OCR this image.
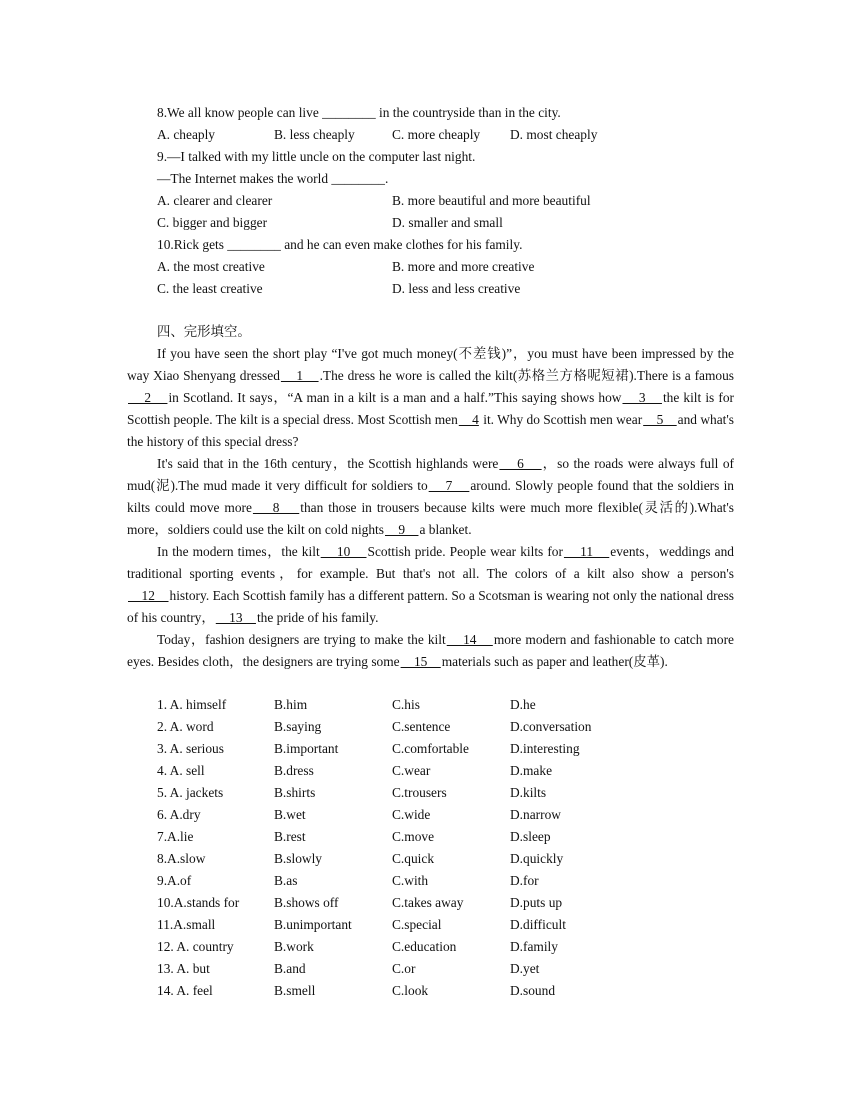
8.We all know people can live ________ in the countryside than in the city.
A. cheaply	B. less cheaply	C. more cheaply D. most cheaply
9.—I talked with my little uncle on the computer last night.
—The Internet makes the world ________.
A. clearer and clearer	B. more beautiful and more beautiful
C. bigger and bigger	D. smaller and small
10.Rick gets ________ and he can even make clothes for his family.
A. the most creative	B. more and more creative
C. the least creative	D. less and less creative
四、完形填空。

If you have seen the short play “I've got much money(不差钱)”，you must have been impressed by the way Xiao Shenyang dressed    1    .The dress he wore is called the kilt(苏格兰方格呢短裙).There is a famous    2    in Scotland. It says，“A man in a kilt is a man and a half.”This saying shows how    3    the kilt is for Scottish people. The kilt is a special dress. Most Scottish men    4 it. Why do Scottish men wear    5    and what's the history of this special dress?

It's said that in the 16th century，the Scottish highlands were    6    ，so the roads were always full of mud(泥).The mud made it very difficult for soldiers to    7    around. Slowly people found that the soldiers in kilts could move more    8    than those in trousers because kilts were much more flexible(灵活的).What's more，soldiers could use the kilt on cold nights    9    a blanket.

In the modern times，the kilt    10    Scottish pride. People wear kilts for    11    events，weddings and traditional sporting events，for example. But that's not all. The colors of a kilt also show a person's    12    history. Each Scottish family has a different pattern. So a Scotsman is wearing not only the national dress of his country，    13    the pride of his family.

Today，fashion designers are trying to make the kilt    14    more modern and fashionable to catch more eyes. Besides cloth，the designers are trying some    15    materials such as paper and leather(皮革).

1. A. himself	B.him	C.his	D.he
2. A. word	B.saying	C.sentence	D.conversation
3. A. serious	B.important	C.comfortable	D.interesting
4. A. sell	B.dress	C.wear	D.make
5. A. jackets	B.shirts	C.trousers	D.kilts
6. A.dry	B.wet	C.wide	D.narrow
7.A.lie	B.rest	C.move	D.sleep
8.A.slow	B.slowly	C.quick	D.quickly
9.A.of	B.as	C.with	D.for
10.A.stands for	B.shows off	C.takes away	D.puts up
11.A.small	B.unimportant	C.special	D.difficult
12. A. country	B.work	C.education	D.family
13. A. but	B.and	C.or	D.yet
14. A. feel	B.smell	C.look	D.sound
